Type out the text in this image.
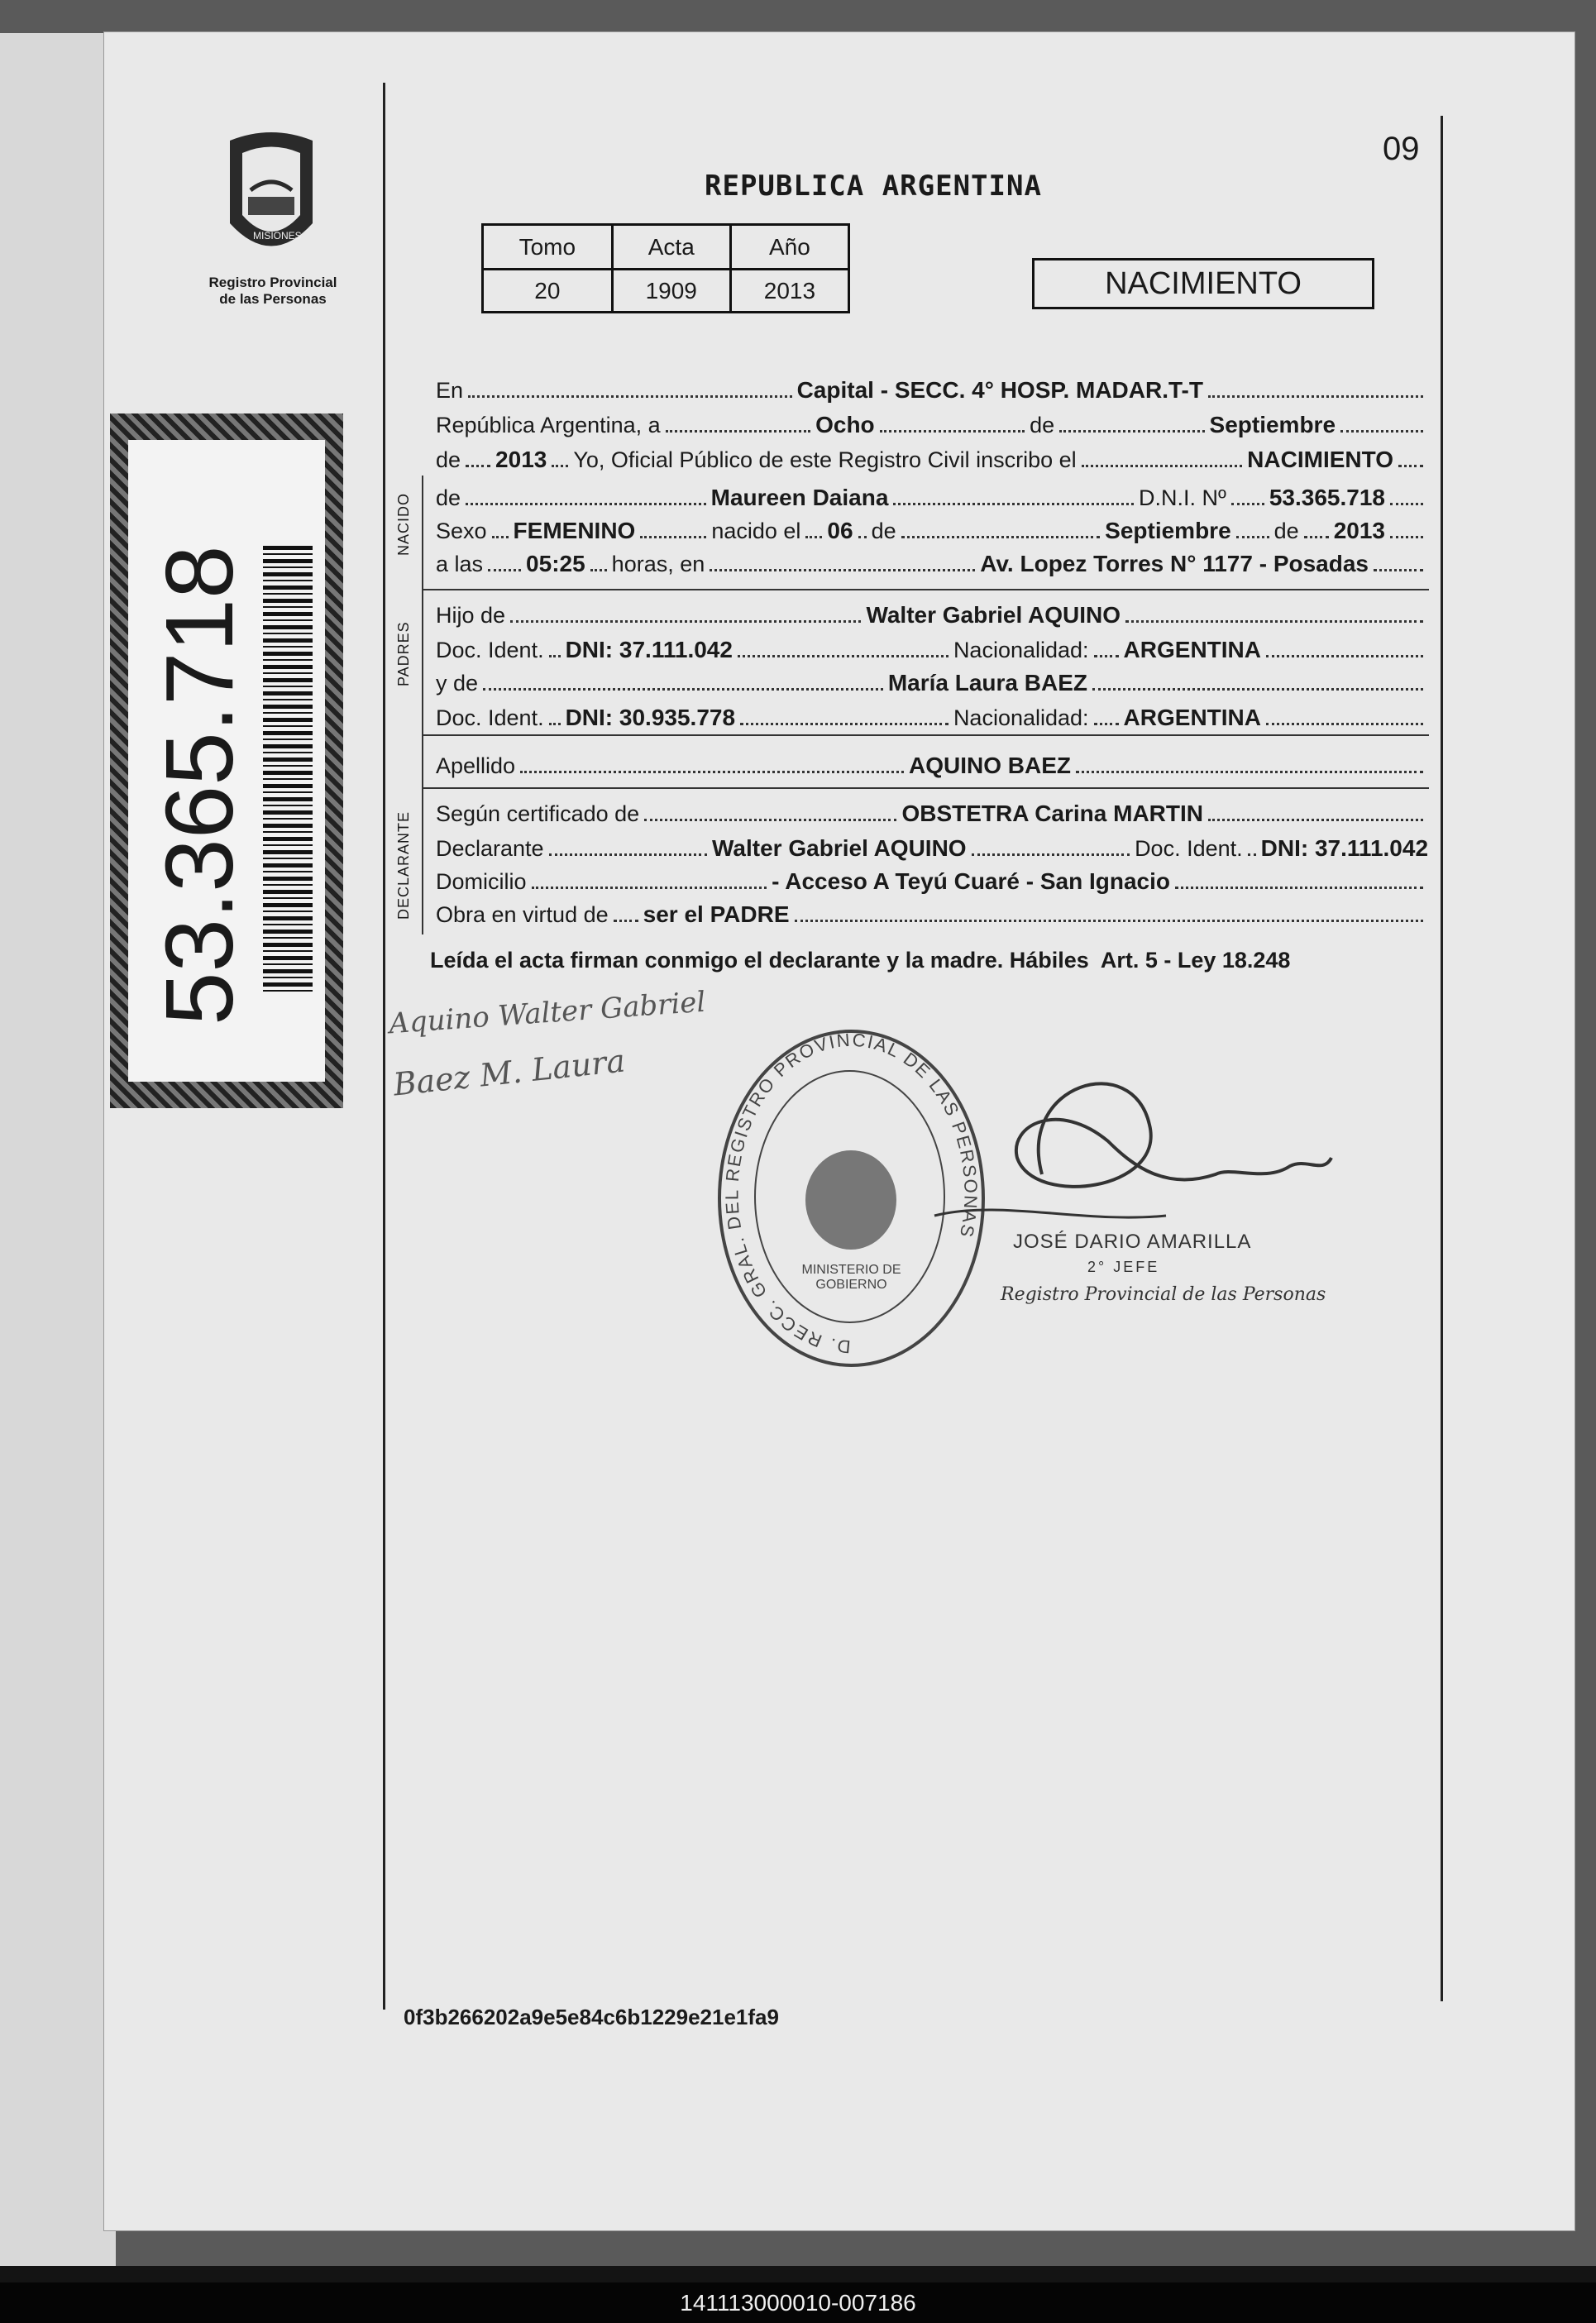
MISIONES
Registro Provincial
de las Personas
53.365.718
09
REPUBLICA ARGENTINA
Tomo	Acta	Año
20	1909	2013	NACIMIENTO
En	Capital - SECC. 4° HOSP. MADAR.T-T
República Argentina, a	Ocho	de	Septiembre
de 2013 Yo, Oficial Público de este Registro Civil inscribo el	NACIMIENTO
NACIDO
PADRES
DECLARANTE
de	Maureen Daiana	D.N.I. Nº 53.365.718
Sexo FEMENINO	nacido el 06 de	Septiembre de 2013
a las 05:25 horas, en	Av. Lopez Torres N° 1177 - Posadas
Hijo de	Walter Gabriel AQUINO
Doc. Ident. DNI: 37.111.042	Nacionalidad: ARGENTINA
y de	María Laura BAEZ
Doc. Ident. DNI: 30.935.778	Nacionalidad: ARGENTINA
Apellido	AQUINO BAEZ
Según certificado de	OBSTETRA Carina MARTIN
Declarante	Walter Gabriel AQUINO	Doc. Ident. DNI: 37.111.042
Domicilio	- Acceso A Teyú Cuaré - San Ignacio
Obra en virtud de ser el PADRE
Leída el acta firman conmigo el declarante y la madre. Hábiles Art. 5 - Ley 18.248
Aquino Walter Gabriel
Baez M. Laura
D. RECC. GRAL. DEL REGISTRO PROVINCIAL DE LAS PERSONAS
MINISTERIO DE GOBIERNO
JOSÉ DARIO AMARILLA
2° JEFE
Registro Provincial de las Personas
0f3b266202a9e5e84c6b1229e21e1fa9
141113000010-007186
